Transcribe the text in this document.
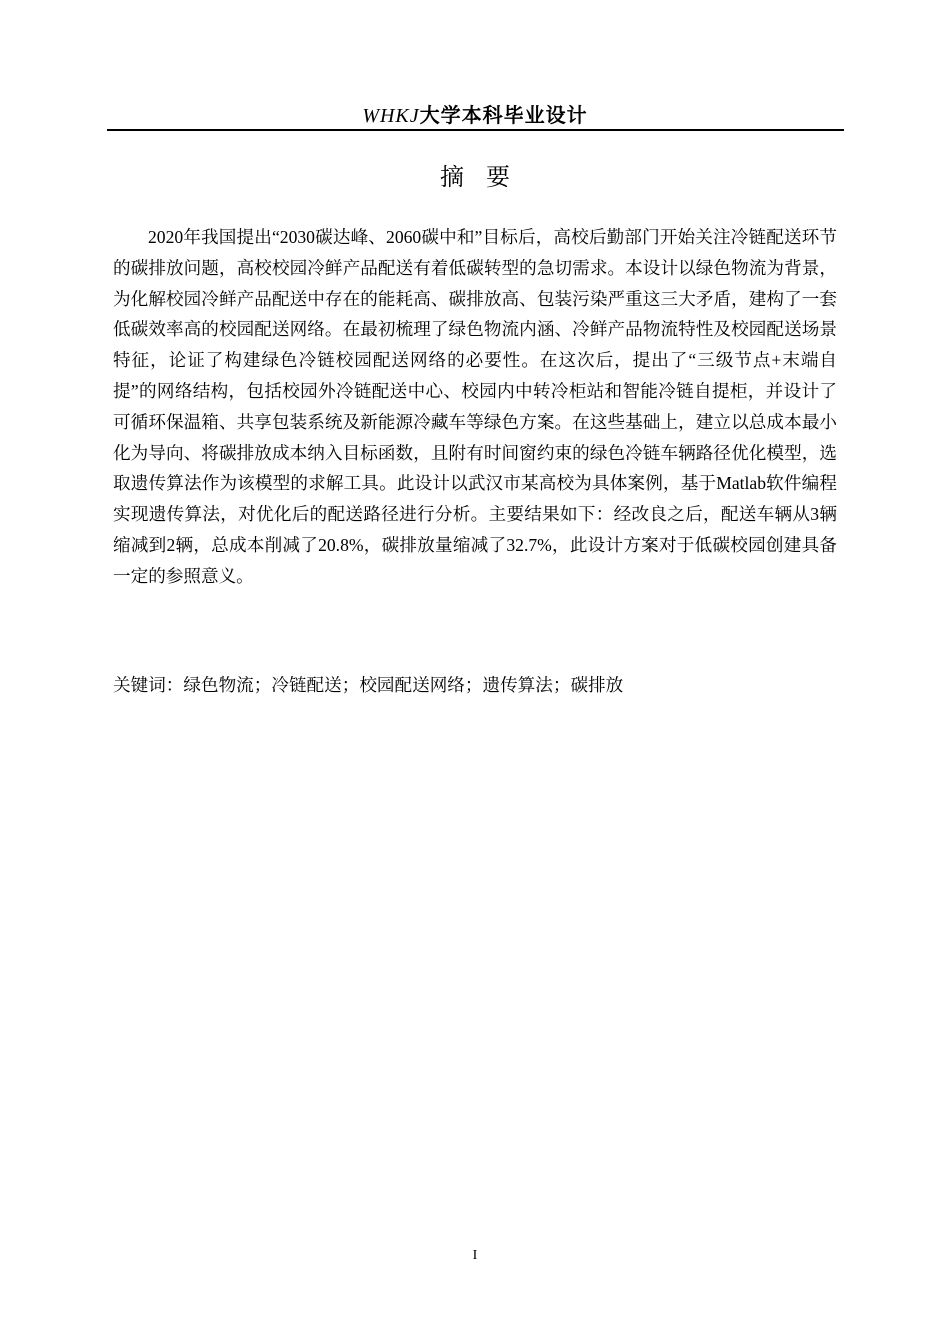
WHKJ大学本科毕业设计
摘要

2020年我国提出“2030碳达峰、2060碳中和”目标后，高校后勤部门开始关注冷链配送环节的碳排放问题，高校校园冷鲜产品配送有着低碳转型的急切需求。本设计以绿色物流为背景，为化解校园冷鲜产品配送中存在的能耗高、碳排放高、包装污染严重这三大矛盾，建构了一套低碳效率高的校园配送网络。在最初梳理了绿色物流内涵、冷鲜产品物流特性及校园配送场景特征，论证了构建绿色冷链校园配送网络的必要性。在这次后，提出了“三级节点+末端自提”的网络结构，包括校园外冷链配送中心、校园内中转冷柜站和智能冷链自提柜，并设计了可循环保温箱、共享包装系统及新能源冷藏车等绿色方案。在这些基础上，建立以总成本最小化为导向、将碳排放成本纳入目标函数，且附有时间窗约束的绿色冷链车辆路径优化模型，选取遗传算法作为该模型的求解工具。此设计以武汉市某高校为具体案例，基于Matlab软件编程实现遗传算法，对优化后的配送路径进行分析。主要结果如下：经改良之后，配送车辆从3辆缩减到2辆，总成本削减了20.8%，碳排放量缩减了32.7%，此设计方案对于低碳校园创建具备一定的参照意义。

关键词：绿色物流；冷链配送；校园配送网络；遗传算法；碳排放

I
